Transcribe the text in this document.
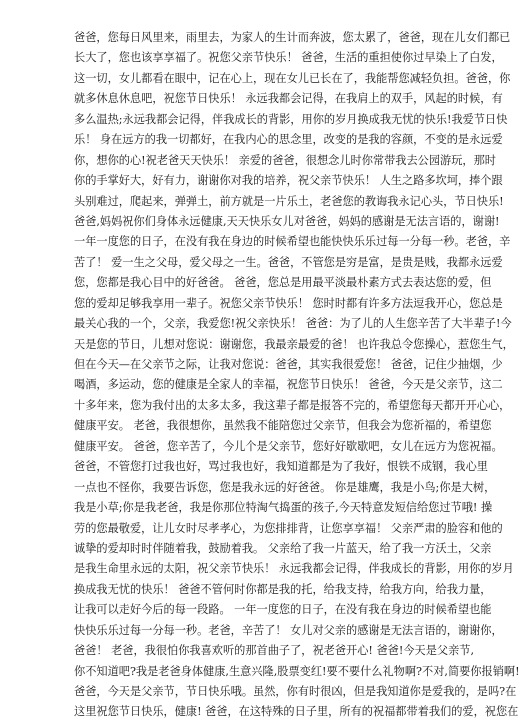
爸爸，您每日风里来，雨里去，为家人的生计而奔波，您太累了，爸爸，现在儿女们都已
长大了，您也该享享福了。祝您父亲节快乐！ 爸爸，生活的重担使你过早染上了白发，
这一切，女儿都看在眼中，记在心上，现在女儿已长在了，我能帮您减轻负担。爸爸，你
就多休息休息吧，祝您节日快乐！ 永远我都会记得，在我肩上的双手，风起的时候，有
多么温热;永远我都会记得，伴我成长的背影，用你的岁月换成我无忧的快乐!我爱节日快
乐！ 身在远方的我一切都好，在我内心的思念里，改变的是我的容颜，不变的是永远爱
你，想你的心!祝老爸天天快乐！ 亲爱的爸爸，很想念儿时你常带我去公园游玩，那时
你的手掌好大，好有力，谢谢你对我的培养，祝父亲节快乐！ 人生之路多坎坷，捧个跟
头别难过，爬起来，弹弹土，前方就是一片乐土，老爸您的教诲我永记心头，节日快乐!
爸爸,妈妈祝你们身体永远健康,天天快乐女儿对爸爸，妈妈的感谢是无法言语的，谢谢!
一年一度您的日子，在没有我在身边的时候希望也能快快乐乐过每一分每一秒。老爸，辛
苦了！ 爱一生之父母，爱父母之一生。爸爸，不管您是穷是富，是贵是贱，我都永远爱
您，您都是我心目中的好爸爸。 爸爸，您总是用最平淡最朴素方式去表达您的爱，但
您的爱却足够我享用一辈子。祝您父亲节快乐！ 您时时都有许多方法逗我开心，您总是
最关心我的一个，父亲，我爱您!祝父亲快乐！ 爸爸：为了儿的人生您辛苦了大半辈子!今
天是您的节日，儿想对您说：谢谢您，我最亲最爱的爸！ 也许我总令您操心，惹您生气，
但在今天—在父亲节之际，让我对您说：爸爸，其实我很爱您！ 爸爸，记住少抽烟，少
喝酒，多运动，您的健康是全家人的幸福，祝您节日快乐！ 爸爸，今天是父亲节，这二
十多年来，您为我付出的太多太多，我这辈子都是报答不完的，希望您每天都开开心心，
健康平安。 老爸，我很想你，虽然我不能陪您过父亲节，但我会为您祈福的，希望您
健康平安。 爸爸，您辛苦了，今儿个是父亲节，您好好歇歇吧，女儿在远方为您祝福。
爸爸，不管您打过我也好，骂过我也好，我知道都是为了我好，恨铁不成钢，我心里
一点也不怪你，我要告诉您，您是我永远的好爸爸。 你是雄鹰，我是小鸟;你是大树，
我是小草;你是我老爸，我是你那位特淘气捣蛋的孩子,今天特意发短信给您过节哦! 操
劳的您最敬爱，让儿女时尽孝孝心，为您排排背，让您享享福！ 父亲严肃的脸容和他的
诚挚的爱却时时伴随着我，鼓励着我。 父亲给了我一片蓝天，给了我一方沃土，父亲
是我生命里永远的太阳，祝父亲节快乐！ 永远我都会记得，伴我成长的背影，用你的岁月
换成我无忧的快乐！ 爸爸不管何时你都是我的托，给我支持，给我方向，给我力量，
让我可以走好今后的每一段路。 一年一度您的日子，在没有我在身边的时候希望也能
快快乐乐过每一分每一秒。老爸，辛苦了！ 女儿对父亲的感谢是无法言语的，谢谢你，
爸爸！ 老爸，我很怕你我喜欢听的那首曲子了，祝老爸开心! 爸爸!今天是父亲节,
你不知道吧?我是老爸身体健康,生意兴隆,股票变红!要不要什么礼物啊?不对,简要你报销啊!
爸爸，今天是父亲节，节日快乐哦。虽然，你有时很凶，但是我知道你是爱我的，是吗?在
这里祝您节日快乐，健康! 爸爸，在这特殊的日子里，所有的祝福都带着我们的爱，祝您在
